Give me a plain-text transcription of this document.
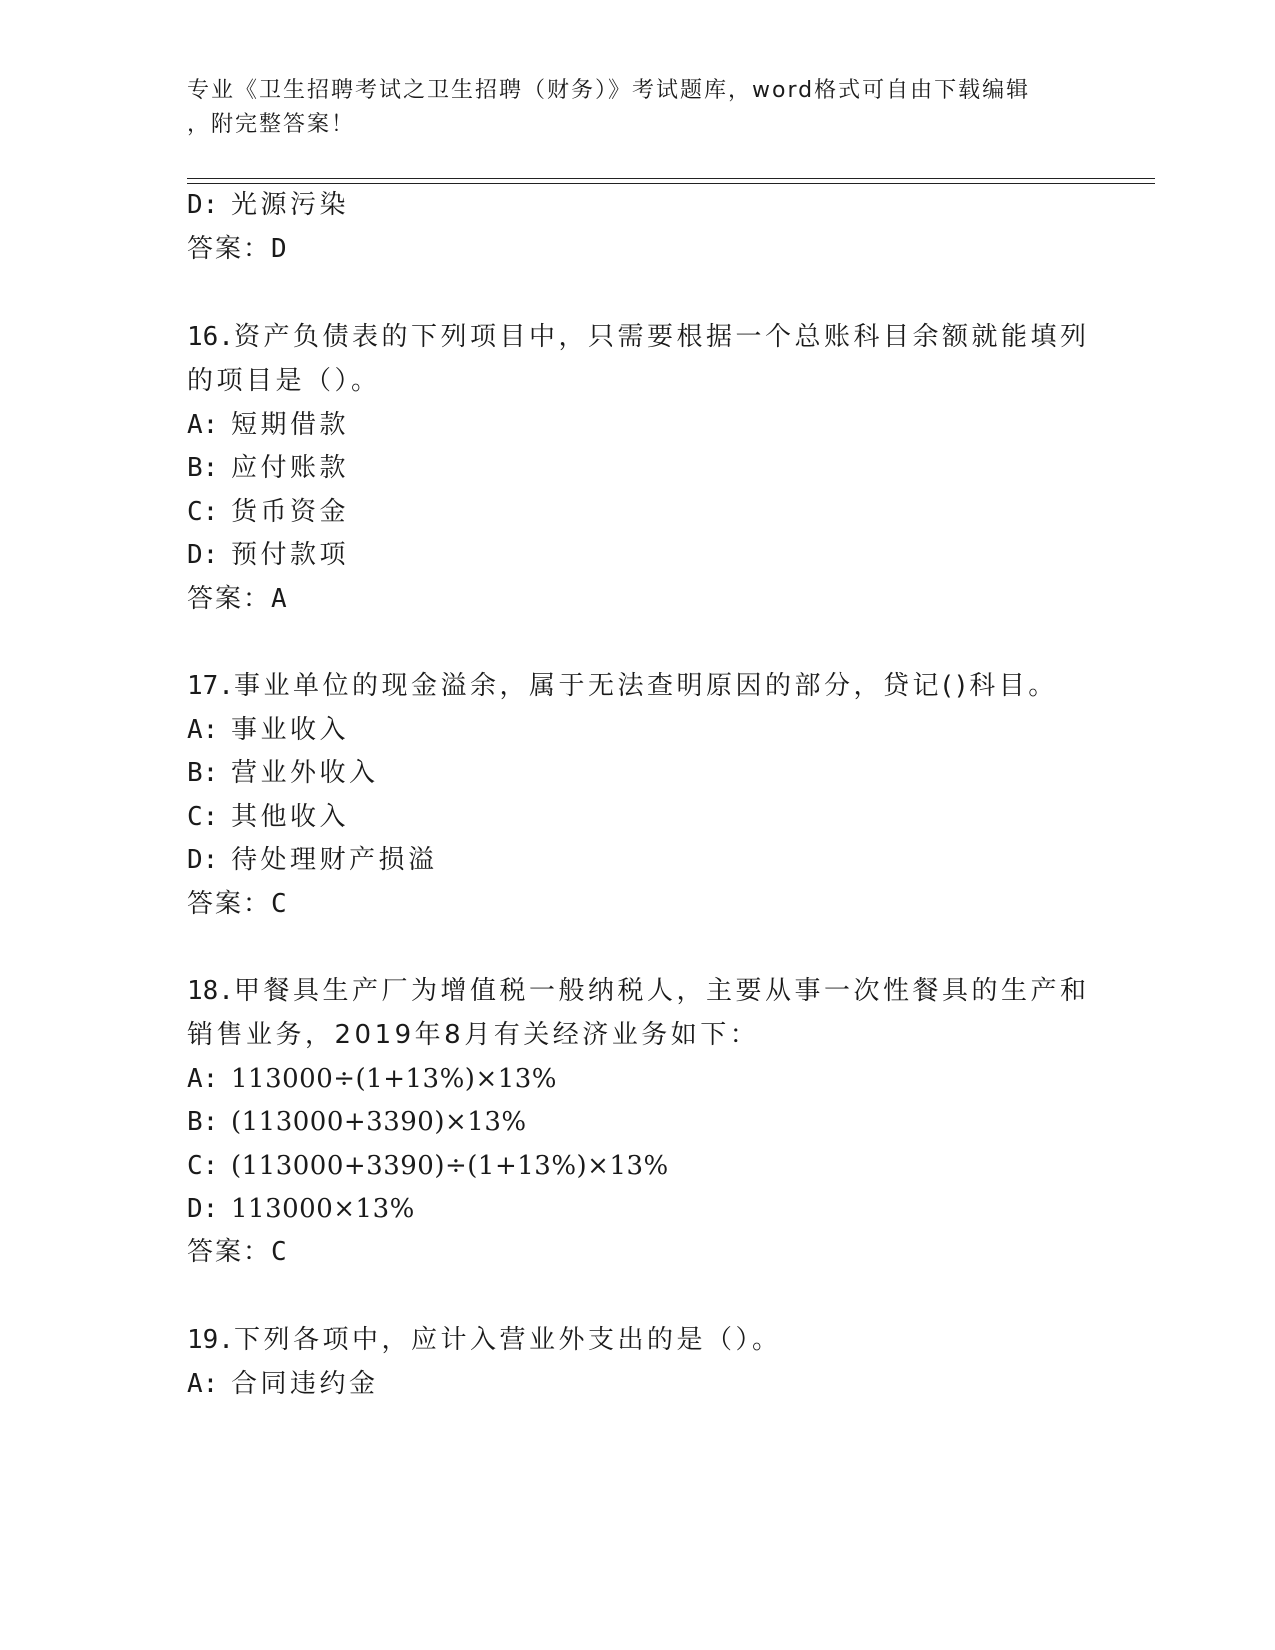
专业《卫生招聘考试之卫生招聘（财务）》考试题库，word格式可自由下载编辑
，附完整答案！
D: 光源污染
答案：D
16.资产负债表的下列项目中，只需要根据一个总账科目余额就能填列
的项目是（）。
A: 短期借款
B: 应付账款
C: 货币资金
D: 预付款项
答案：A
17.事业单位的现金溢余，属于无法查明原因的部分，贷记()科目。
A: 事业收入
B: 营业外收入
C: 其他收入
D: 待处理财产损溢
答案：C
18.甲餐具生产厂为增值税一般纳税人，主要从事一次性餐具的生产和
销售业务，2019年8月有关经济业务如下：
A: 113000÷(1+13%)×13%
B: (113000+3390)×13%
C: (113000+3390)÷(1+13%)×13%
D: 113000×13%
答案：C
19.下列各项中，应计入营业外支出的是（）。
A: 合同违约金
